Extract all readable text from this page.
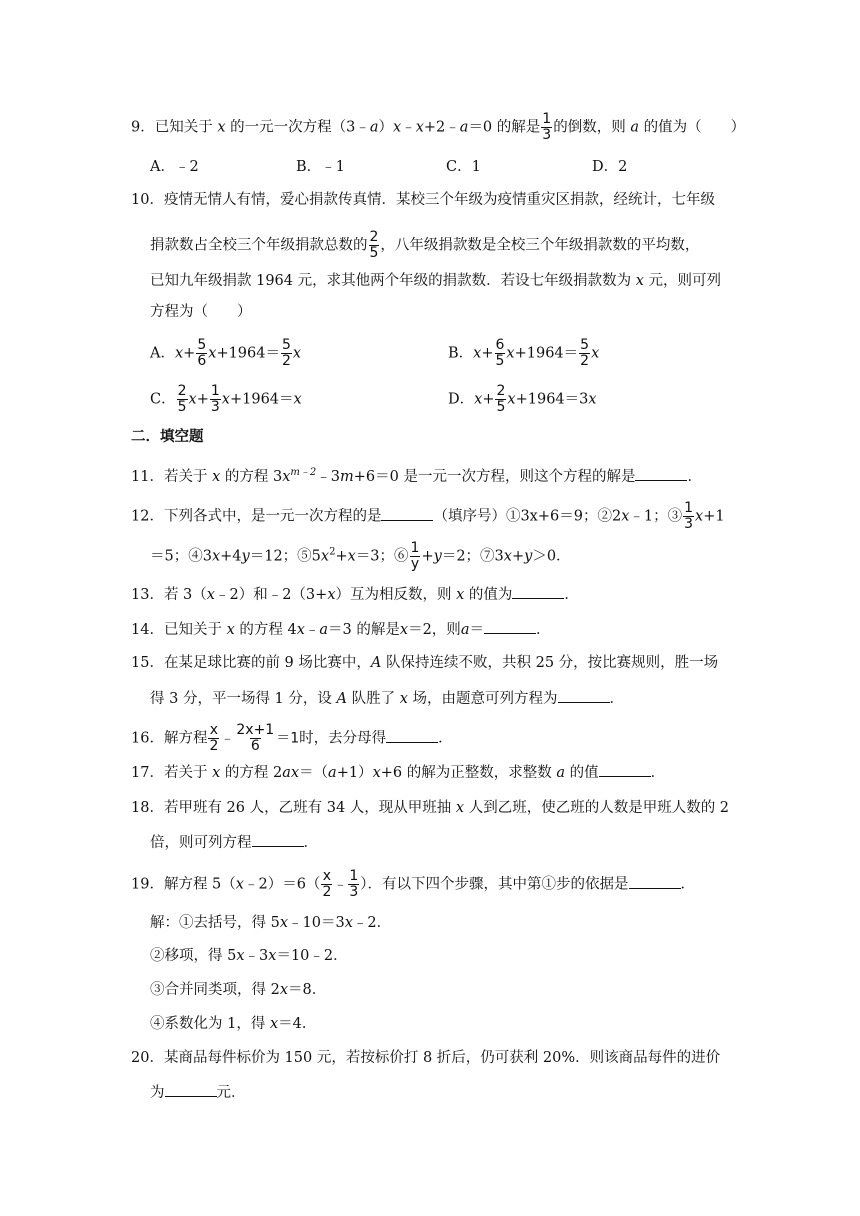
9．已知关于 x 的一元一次方程（3﹣a）x﹣x+2﹣a＝0 的解是 $\frac{1}{3}$ 的倒数，则 a 的值为（　　）
A．﹣2	B．﹣1	C．1	D．2
10．疫情无情人有情，爱心捐款传真情．某校三个年级为疫情重灾区捐款，经统计，七年级
捐款数占全校三个年级捐款总数的 $\frac{2}{5}$ ，八年级捐款数是全校三个年级捐款数的平均数，
已知九年级捐款 1964 元，求其他两个年级的捐款数．若设七年级捐款数为 x 元，则可列
方程为（　　）
A．$x+ \frac{5}{6} x+1964= \frac{5}{2}$ x	B．$x+ \frac{6}{5} x+1964= \frac{5}{2}$ x
C． $\frac{2}{5} x+ \frac{1}{3} x+1964=x$	D．$x+ \frac{2}{5} x+1964=3x$
二．填空题
11．若关于 x 的方程 $3x^{m﹣2}﹣3m+6=0$ 是一元一次方程，则这个方程的解是	．
12．下列各式中，是一元一次方程的是	（填序号）①3x+6＝9；②2x﹣1；③ $\frac{1}{3} x+1$
＝5；④3x+4y＝12；$⑤5x^2+x=3$；⑥ $\frac{1}{y} +y=2$；⑦3x+y＞0．
13．若 3（x﹣2）和﹣2（3+x）互为相反数，则 x 的值为	．
14．已知关于 x 的方程 4x﹣a＝3 的解是x＝2，则a＝	．
15．在某足球比赛的前 9 场比赛中，A 队保持连续不败，共积 25 分，按比赛规则，胜一场
得 3 分，平一场得 1 分，设 A 队胜了 x 场，由题意可列方程为	．
16．解方程 $\frac{x}{2}$ ﹣ $\frac{2x+1}{6} =1$时，去分母得	．
17．若关于 x 的方程 2ax＝（a+1）x+6 的解为正整数，求整数 a 的值	．
18．若甲班有 26 人，乙班有 34 人，现从甲班抽 x 人到乙班，使乙班的人数是甲班人数的 2
倍，则可列方程	．
19．解方程 5（x﹣2）＝6（ $\frac{x}{2}$ ﹣ $\frac{1}{3}$ ）．有以下四个步骤，其中第①步的依据是	．
解：①去括号，得 5x﹣10＝3x﹣2．
②移项，得 5x﹣3x＝10﹣2．
③合并同类项，得 2x＝8．
④系数化为 1，得 x＝4．
20．某商品每件标价为 150 元，若按标价打 8 折后，仍可获利 20%．则该商品每件的进价
为	元．
